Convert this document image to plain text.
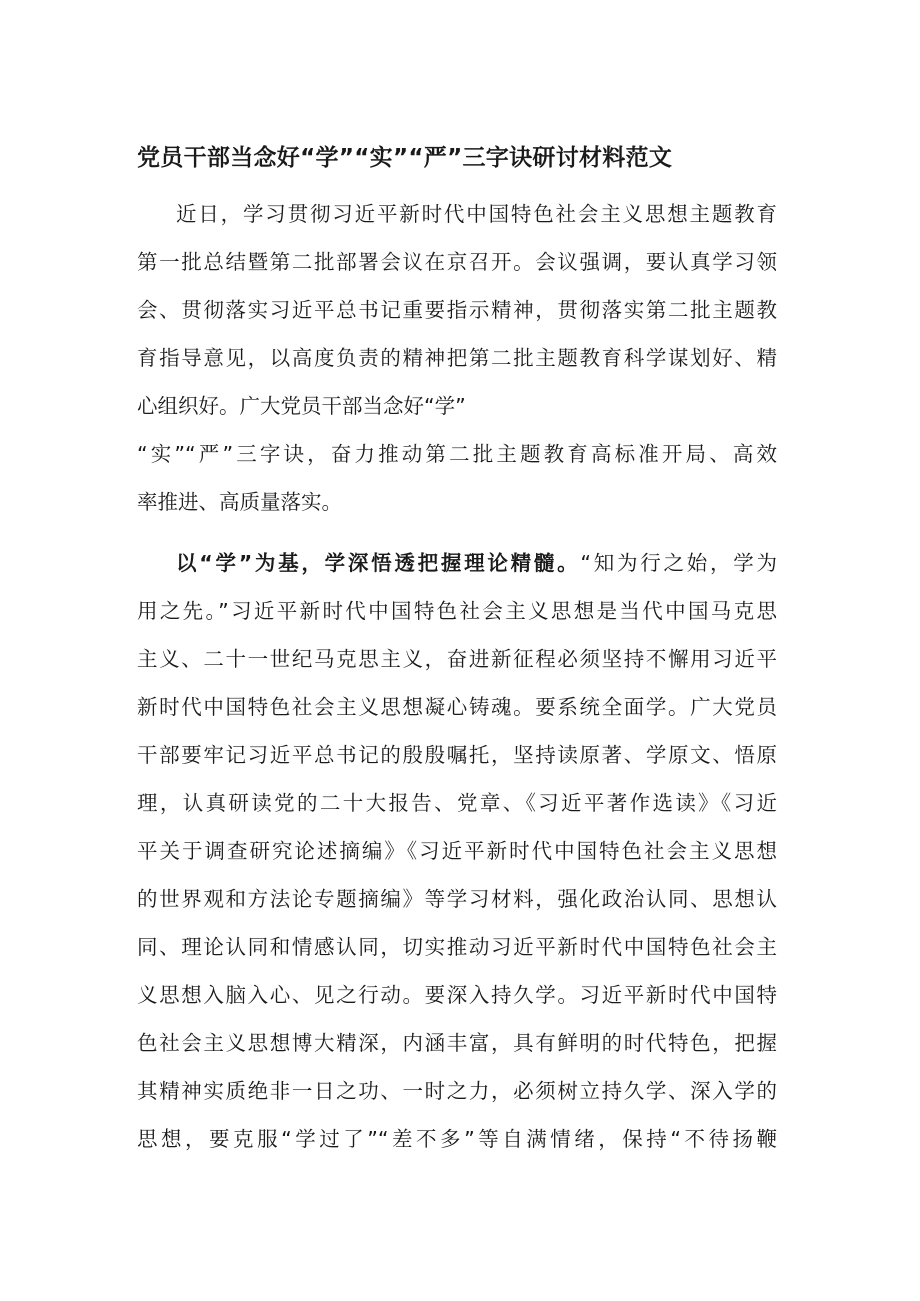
党员干部当念好“学”“实”“严”三字诀研讨材料范文
近日，学习贯彻习近平新时代中国特色社会主义思想主题教育
第一批总结暨第二批部署会议在京召开。会议强调，要认真学习领
会、贯彻落实习近平总书记重要指示精神，贯彻落实第二批主题教
育指导意见，以高度负责的精神把第二批主题教育科学谋划好、精
心组织好。广大党员干部当念好“学”
“实”“严”三字诀，奋力推动第二批主题教育高标准开局、高效
率推进、高质量落实。
以“学”为基，学深悟透把握理论精髓。“知为行之始，学为
用之先。”习近平新时代中国特色社会主义思想是当代中国马克思
主义、二十一世纪马克思主义，奋进新征程必须坚持不懈用习近平
新时代中国特色社会主义思想凝心铸魂。要系统全面学。广大党员
干部要牢记习近平总书记的殷殷嘱托，坚持读原著、学原文、悟原
理，认真研读党的二十大报告、党章、《习近平著作选读》《习近
平关于调查研究论述摘编》《习近平新时代中国特色社会主义思想
的世界观和方法论专题摘编》等学习材料，强化政治认同、思想认
同、理论认同和情感认同，切实推动习近平新时代中国特色社会主
义思想入脑入心、见之行动。要深入持久学。习近平新时代中国特
色社会主义思想博大精深，内涵丰富，具有鲜明的时代特色，把握
其精神实质绝非一日之功、一时之力，必须树立持久学、深入学的
思想，要克服“学过了”“差不多”等自满情绪，保持“不待扬鞭
